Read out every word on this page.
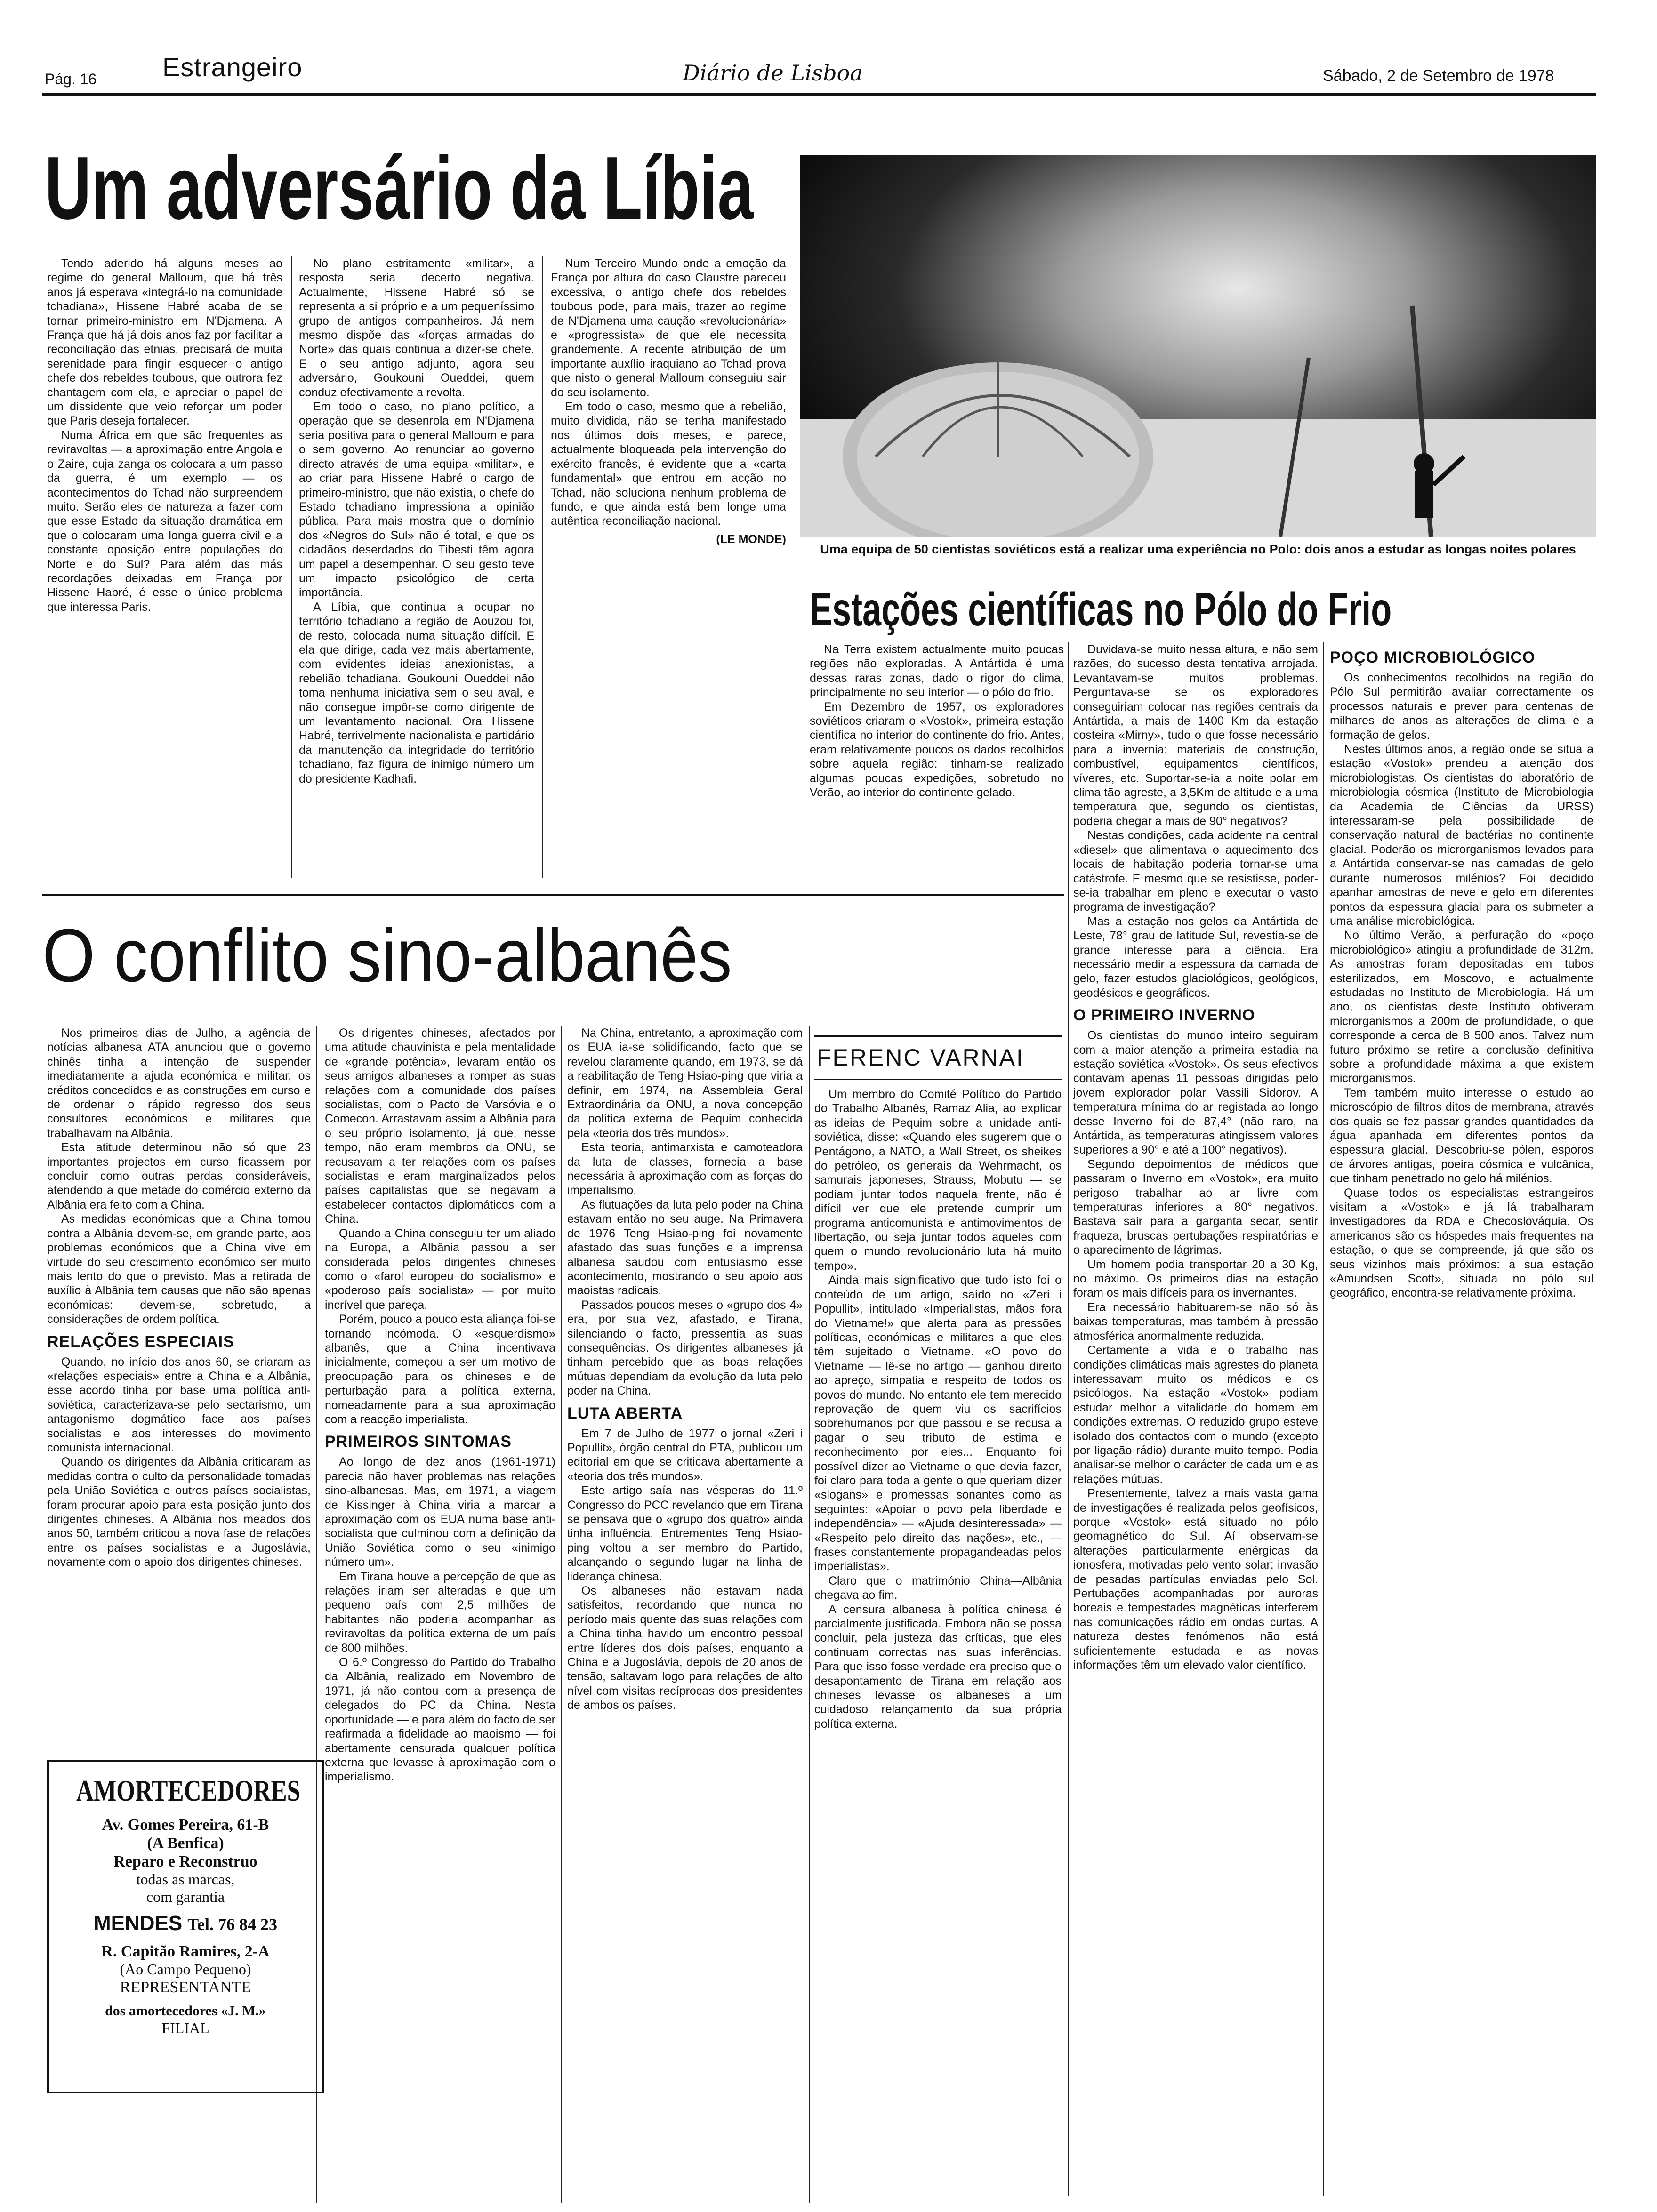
Pág. 16 Estrangeiro	Diário de Lisboa	Sábado, 2 de Setembro de 1978
Um adversário da Líbia

Tendo aderido há alguns meses ao regime do general Malloum, que há três anos já esperava «integrá-lo na comunidade tchadiana», Hissene Habré acaba de se tornar primeiro-ministro em N'Djamena. A França que há já dois anos faz por facilitar a reconciliação das etnias, precisará de muita serenidade para fingir esquecer o antigo chefe dos rebeldes toubous, que outrora fez chantagem com ela, e apreciar o papel de um dissidente que veio reforçar um poder que Paris deseja fortalecer.

Numa África em que são frequentes as reviravoltas — a aproximação entre Angola e o Zaire, cuja zanga os colocara a um passo da guerra, é um exemplo — os acontecimentos do Tchad não surpreendem muito. Serão eles de natureza a fazer com que esse Estado da situação dramática em que o colocaram uma longa guerra civil e a constante oposição entre populações do Norte e do Sul? Para além das más recordações deixadas em França por Hissene Habré, é esse o único problema que interessa Paris.

No plano estritamente «militar», a resposta seria decerto negativa. Actualmente, Hissene Habré só se representa a si próprio e a um pequeníssimo grupo de antigos companheiros. Já nem mesmo dispõe das «forças armadas do Norte» das quais continua a dizer-se chefe. E o seu antigo adjunto, agora seu adversário, Goukouni Oueddei, quem conduz efectivamente a revolta.

Em todo o caso, no plano político, a operação que se desenrola em N'Djamena seria positiva para o general Malloum e para o sem governo. Ao renunciar ao governo directo através de uma equipa «militar», e ao criar para Hissene Habré o cargo de primeiro-ministro, que não existia, o chefe do Estado tchadiano impressiona a opinião pública. Para mais mostra que o domínio dos «Negros do Sul» não é total, e que os cidadãos deserdados do Tibesti têm agora um papel a desempenhar. O seu gesto teve um impacto psicológico de certa importância.

A Líbia, que continua a ocupar no território tchadiano a região de Aouzou foi, de resto, colocada numa situação difícil. E ela que dirige, cada vez mais abertamente, com evidentes ideias anexionistas, a rebelião tchadiana. Goukouni Oueddei não toma nenhuma iniciativa sem o seu aval, e não consegue impôr-se como dirigente de um levantamento nacional. Ora Hissene Habré, terrivelmente nacionalista e partidário da manutenção da integridade do território tchadiano, faz figura de inimigo número um do presidente Kadhafi.

Num Terceiro Mundo onde a emoção da França por altura do caso Claustre pareceu excessiva, o antigo chefe dos rebeldes toubous pode, para mais, trazer ao regime de N'Djamena uma caução «revolucionária» e «progressista» de que ele necessita grandemente. A recente atribuição de um importante auxílio iraquiano ao Tchad prova que nisto o general Malloum conseguiu sair do seu isolamento.

Em todo o caso, mesmo que a rebelião, muito dividida, não se tenha manifestado nos últimos dois meses, e parece, actualmente bloqueada pela intervenção do exército francês, é evidente que a «carta fundamental» que entrou em acção no Tchad, não soluciona nenhum problema de fundo, e que ainda está bem longe uma autêntica reconciliação nacional.

(LE MONDE)

Uma equipa de 50 cientistas soviéticos está a realizar uma experiência no Polo: dois anos a estudar as longas noites polares
Estações científicas no Pólo do Frio

Na Terra existem actualmente muito poucas regiões não exploradas. A Antártida é uma dessas raras zonas, dado o rigor do clima, principalmente no seu interior — o pólo do frio.

Em Dezembro de 1957, os exploradores soviéticos criaram o «Vostok», primeira estação científica no interior do continente do frio. Antes, eram relativamente poucos os dados recolhidos sobre aquela região: tinham-se realizado algumas poucas expedições, sobretudo no Verão, ao interior do continente gelado.

Duvidava-se muito nessa altura, e não sem razões, do sucesso desta tentativa arrojada. Levantavam-se muitos problemas. Perguntava-se se os exploradores conseguiriam colocar nas regiões centrais da Antártida, a mais de 1400 Km da estação costeira «Mirny», tudo o que fosse necessário para a invernia: materiais de construção, combustível, equipamentos científicos, víveres, etc. Suportar-se-ia a noite polar em clima tão agreste, a 3,5Km de altitude e a uma temperatura que, segundo os cientistas, poderia chegar a mais de 90° negativos?

Nestas condições, cada acidente na central «diesel» que alimentava o aquecimento dos locais de habitação poderia tornar-se uma catástrofe. E mesmo que se resistisse, poder-se-ia trabalhar em pleno e executar o vasto programa de investigação?

Mas a estação nos gelos da Antártida de Leste, 78° grau de latitude Sul, revestia-se de grande interesse para a ciência. Era necessário medir a espessura da camada de gelo, fazer estudos glaciológicos, geológicos, geodésicos e geográficos.

O PRIMEIRO INVERNO

Os cientistas do mundo inteiro seguiram com a maior atenção a primeira estadia na estação soviética «Vostok». Os seus efectivos contavam apenas 11 pessoas dirigidas pelo jovem explorador polar Vassili Sidorov. A temperatura mínima do ar registada ao longo desse Inverno foi de 87,4° (não raro, na Antártida, as temperaturas atingissem valores superiores a 90° e até a 100° negativos).

Segundo depoimentos de médicos que passaram o Inverno em «Vostok», era muito perigoso trabalhar ao ar livre com temperaturas inferiores a 80° negativos. Bastava sair para a garganta secar, sentir fraqueza, bruscas pertubações respiratórias e o aparecimento de lágrimas.

Um homem podia transportar 20 a 30 Kg, no máximo. Os primeiros dias na estação foram os mais difíceis para os invernantes.

Era necessário habituarem-se não só às baixas temperaturas, mas também à pressão atmosférica anormalmente reduzida.

Certamente a vida e o trabalho nas condições climáticas mais agrestes do planeta interessavam muito os médicos e os psicólogos. Na estação «Vostok» podiam estudar melhor a vitalidade do homem em condições extremas. O reduzido grupo esteve isolado dos contactos com o mundo (excepto por ligação rádio) durante muito tempo. Podia analisar-se melhor o carácter de cada um e as relações mútuas.

Presentemente, talvez a mais vasta gama de investigações é realizada pelos geofísicos, porque «Vostok» está situado no pólo geomagnético do Sul. Aí observam-se alterações particularmente enérgicas da ionosfera, motivadas pelo vento solar: invasão de pesadas partículas enviadas pelo Sol. Pertubações acompanhadas por auroras boreais e tempestades magnéticas interferem nas comunicações rádio em ondas curtas. A natureza destes fenómenos não está suficientemente estudada e as novas informações têm um elevado valor científico.

POÇO MICROBIOLÓGICO

Os conhecimentos recolhidos na região do Pólo Sul permitirão avaliar correctamente os processos naturais e prever para centenas de milhares de anos as alterações de clima e a formação de gelos.

Nestes últimos anos, a região onde se situa a estação «Vostok» prendeu a atenção dos microbiologistas. Os cientistas do laboratório de microbiologia cósmica (Instituto de Microbiologia da Academia de Ciências da URSS) interessaram-se pela possibilidade de conservação natural de bactérias no continente glacial. Poderão os microrganismos levados para a Antártida conservar-se nas camadas de gelo durante numerosos milénios? Foi decidido apanhar amostras de neve e gelo em diferentes pontos da espessura glacial para os submeter a uma análise microbiológica.

No último Verão, a perfuração do «poço microbiológico» atingiu a profundidade de 312m. As amostras foram depositadas em tubos esterilizados, em Moscovo, e actualmente estudadas no Instituto de Microbiologia. Há um ano, os cientistas deste Instituto obtiveram microrganismos a 200m de profundidade, o que corresponde a cerca de 8 500 anos. Talvez num futuro próximo se retire a conclusão definitiva sobre a profundidade máxima a que existem microrganismos.

Tem também muito interesse o estudo ao microscópio de filtros ditos de membrana, através dos quais se fez passar grandes quantidades da água apanhada em diferentes pontos da espessura glacial. Descobriu-se pólen, esporos de árvores antigas, poeira cósmica e vulcânica, que tinham penetrado no gelo há milénios.

Quase todos os especialistas estrangeiros visitam a «Vostok» e já lá trabalharam investigadores da RDA e Checoslováquia. Os americanos são os hóspedes mais frequentes na estação, o que se compreende, já que são os seus vizinhos mais próximos: a sua estação «Amundsen Scott», situada no pólo sul geográfico, encontra-se relativamente próxima.

O conflito sino-albanês

Nos primeiros dias de Julho, a agência de notícias albanesa ATA anunciou que o governo chinês tinha a intenção de suspender imediatamente a ajuda económica e militar, os créditos concedidos e as construções em curso e de ordenar o rápido regresso dos seus consultores económicos e militares que trabalhavam na Albânia.

Esta atitude determinou não só que 23 importantes projectos em curso ficassem por concluir como outras perdas consideráveis, atendendo a que metade do comércio externo da Albânia era feito com a China.

As medidas económicas que a China tomou contra a Albânia devem-se, em grande parte, aos problemas económicos que a China vive em virtude do seu crescimento económico ser muito mais lento do que o previsto. Mas a retirada de auxílio à Albânia tem causas que não são apenas económicas: devem-se, sobretudo, a considerações de ordem política.

RELAÇÕES ESPECIAIS

Quando, no início dos anos 60, se criaram as «relações especiais» entre a China e a Albânia, esse acordo tinha por base uma política anti-soviética, caracterizava-se pelo sectarismo, um antagonismo dogmático face aos países socialistas e aos interesses do movimento comunista internacional.

Quando os dirigentes da Albânia criticaram as medidas contra o culto da personalidade tomadas pela União Soviética e outros países socialistas, foram procurar apoio para esta posição junto dos dirigentes chineses. A Albânia nos meados dos anos 50, também criticou a nova fase de relações entre os países socialistas e a Jugoslávia, novamente com o apoio dos dirigentes chineses.

Os dirigentes chineses, afectados por uma atitude chauvinista e pela mentalidade de «grande potência», levaram então os seus amigos albaneses a romper as suas relações com a comunidade dos países socialistas, com o Pacto de Varsóvia e o Comecon. Arrastavam assim a Albânia para o seu próprio isolamento, já que, nesse tempo, não eram membros da ONU, se recusavam a ter relações com os países socialistas e eram marginalizados pelos países capitalistas que se negavam a estabelecer contactos diplomáticos com a China.

Quando a China conseguiu ter um aliado na Europa, a Albânia passou a ser considerada pelos dirigentes chineses como o «farol europeu do socialismo» e «poderoso país socialista» — por muito incrível que pareça.

Porém, pouco a pouco esta aliança foi-se tornando incómoda. O «esquerdismo» albanês, que a China incentivava inicialmente, começou a ser um motivo de preocupação para os chineses e de perturbação para a política externa, nomeadamente para a sua aproximação com a reacção imperialista.

PRIMEIROS SINTOMAS

Ao longo de dez anos (1961-1971) parecia não haver problemas nas relações sino-albanesas. Mas, em 1971, a viagem de Kissinger à China viria a marcar a aproximação com os EUA numa base anti-socialista que culminou com a definição da União Soviética como o seu «inimigo número um».

Em Tirana houve a percepção de que as relações iriam ser alteradas e que um pequeno país com 2,5 milhões de habitantes não poderia acompanhar as reviravoltas da política externa de um país de 800 milhões.

O 6.º Congresso do Partido do Trabalho da Albânia, realizado em Novembro de 1971, já não contou com a presença de delegados do PC da China. Nesta oportunidade — e para além do facto de ser reafirmada a fidelidade ao maoismo — foi abertamente censurada qualquer política externa que levasse à aproximação com o imperialismo.

Na China, entretanto, a aproximação com os EUA ia-se solidificando, facto que se revelou claramente quando, em 1973, se dá a reabilitação de Teng Hsiao-ping que viria a definir, em 1974, na Assembleia Geral Extraordinária da ONU, a nova concepção da política externa de Pequim conhecida pela «teoria dos três mundos».

Esta teoria, antimarxista e camoteadora da luta de classes, fornecia a base necessária à aproximação com as forças do imperialismo.

As flutuações da luta pelo poder na China estavam então no seu auge. Na Primavera de 1976 Teng Hsiao-ping foi novamente afastado das suas funções e a imprensa albanesa saudou com entusiasmo esse acontecimento, mostrando o seu apoio aos maoistas radicais.

Passados poucos meses o «grupo dos 4» era, por sua vez, afastado, e Tirana, silenciando o facto, pressentia as suas consequências. Os dirigentes albaneses já tinham percebido que as boas relações mútuas dependiam da evolução da luta pelo poder na China.

LUTA ABERTA

Em 7 de Julho de 1977 o jornal «Zeri i Popullit», órgão central do PTA, publicou um editorial em que se criticava abertamente a «teoria dos três mundos».

Este artigo saía nas vésperas do 11.º Congresso do PCC revelando que em Tirana se pensava que o «grupo dos quatro» ainda tinha influência. Entrementes Teng Hsiao-ping voltou a ser membro do Partido, alcançando o segundo lugar na linha de liderança chinesa.

Os albaneses não estavam nada satisfeitos, recordando que nunca no período mais quente das suas relações com a China tinha havido um encontro pessoal entre líderes dos dois países, enquanto a China e a Jugoslávia, depois de 20 anos de tensão, saltavam logo para relações de alto nível com visitas recíprocas dos presidentes de ambos os países.

FERENC VARNAI

Um membro do Comité Político do Partido do Trabalho Albanês, Ramaz Alia, ao explicar as ideias de Pequim sobre a unidade anti-soviética, disse: «Quando eles sugerem que o Pentágono, a NATO, a Wall Street, os sheikes do petróleo, os generais da Wehrmacht, os samurais japoneses, Strauss, Mobutu — se podiam juntar todos naquela frente, não é difícil ver que ele pretende cumprir um programa anticomunista e antimovimentos de libertação, ou seja juntar todos aqueles com quem o mundo revolucionário luta há muito tempo».

Ainda mais significativo que tudo isto foi o conteúdo de um artigo, saído no «Zeri i Popullit», intitulado «Imperialistas, mãos fora do Vietname!» que alerta para as pressões políticas, económicas e militares a que eles têm sujeitado o Vietname. «O povo do Vietname — lê-se no artigo — ganhou direito ao apreço, simpatia e respeito de todos os povos do mundo. No entanto ele tem merecido reprovação de quem viu os sacrifícios sobrehumanos por que passou e se recusa a pagar o seu tributo de estima e reconhecimento por eles... Enquanto foi possível dizer ao Vietname o que devia fazer, foi claro para toda a gente o que queriam dizer «slogans» e promessas sonantes como as seguintes: «Apoiar o povo pela liberdade e independência» — «Ajuda desinteressada» — «Respeito pelo direito das nações», etc., — frases constantemente propagandeadas pelos imperialistas».

Claro que o matrimónio China—Albânia chegava ao fim.

A censura albanesa à política chinesa é parcialmente justificada. Embora não se possa concluir, pela justeza das críticas, que eles continuam correctas nas suas inferências. Para que isso fosse verdade era preciso que o desapontamento de Tirana em relação aos chineses levasse os albaneses a um cuidadoso relançamento da sua própria política externa.

AMORTECEDORES
Av. Gomes Pereira, 61-B
(A Benfica)
Reparo e Reconstruo
todas as marcas,
com garantia
MENDES Tel. 76 84 23
R. Capitão Ramires, 2-A
(Ao Campo Pequeno)
REPRESENTANTE
dos amortecedores «J. M.»
FILIAL
